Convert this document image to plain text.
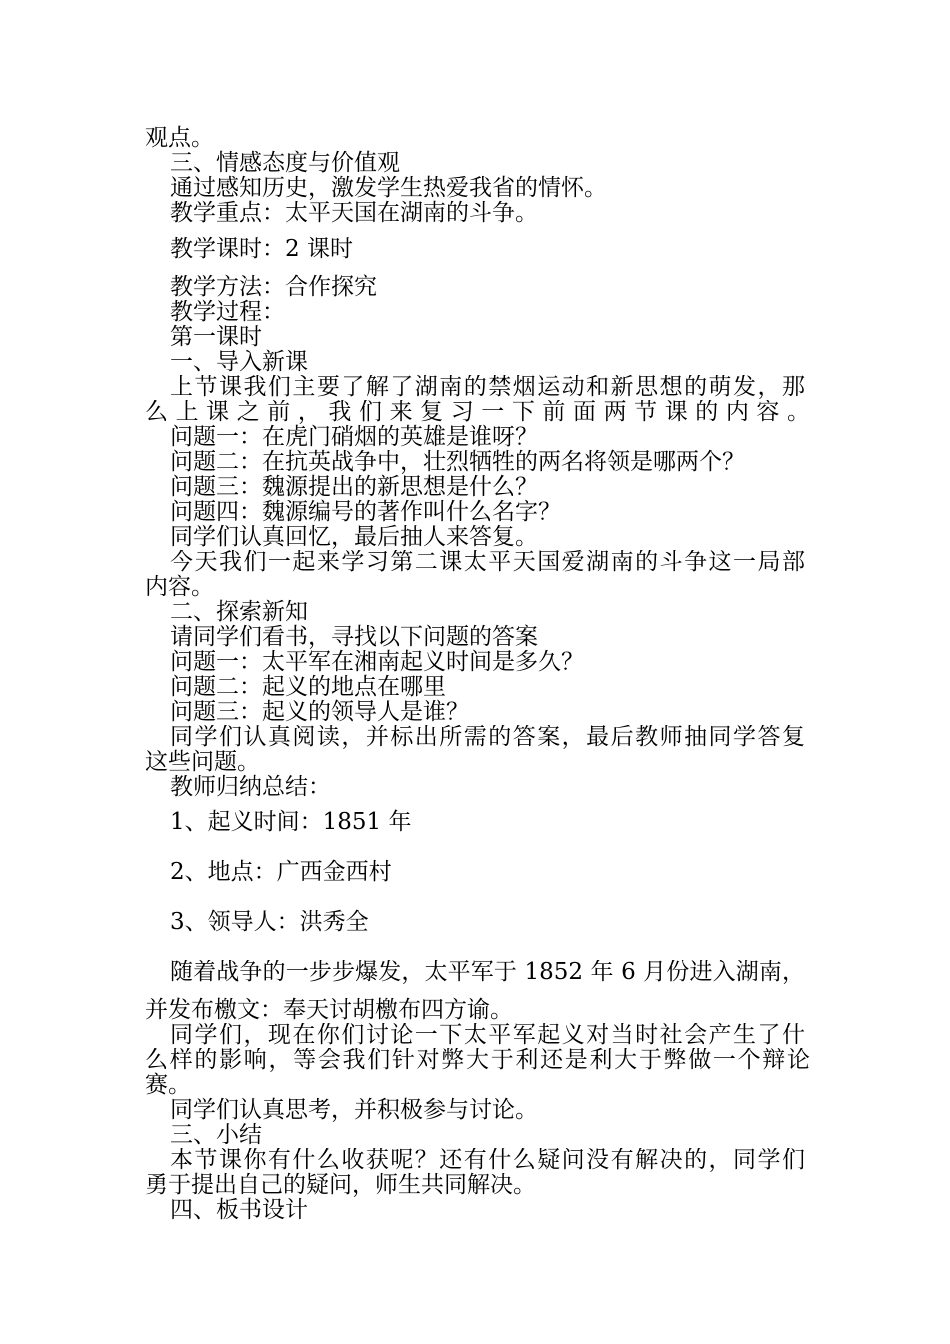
观点。
三、情感态度与价值观
通过感知历史，激发学生热爱我省的情怀。
教学重点：太平天国在湖南的斗争。
教学课时：2 课时
教学方法：合作探究
教学过程：
第一课时
一、导入新课
上节课我们主要了解了湖南的禁烟运动和新思想的萌发，那
么上课之前，我们来复习一下前面两节课的内容。
问题一：在虎门硝烟的英雄是谁呀？
问题二：在抗英战争中，壮烈牺牲的两名将领是哪两个？
问题三：魏源提出的新思想是什么？
问题四：魏源编号的著作叫什么名字？
同学们认真回忆，最后抽人来答复。
今天我们一起来学习第二课太平天国爱湖南的斗争这一局部
内容。
二、探索新知
请同学们看书，寻找以下问题的答案
问题一：太平军在湘南起义时间是多久？
问题二：起义的地点在哪里
问题三：起义的领导人是谁？
同学们认真阅读，并标出所需的答案，最后教师抽同学答复
这些问题。
教师归纳总结：
1、起义时间：1851 年
2、地点：广西金西村
3、领导人：洪秀全
随着战争的一步步爆发，太平军于 1852 年 6 月份进入湖南，
并发布檄文：奉天讨胡檄布四方谕。
同学们，现在你们讨论一下太平军起义对当时社会产生了什
么样的影响，等会我们针对弊大于利还是利大于弊做一个辩论
赛。
同学们认真思考，并积极参与讨论。
三、小结
本节课你有什么收获呢？还有什么疑问没有解决的，同学们
勇于提出自己的疑问，师生共同解决。
四、板书设计
